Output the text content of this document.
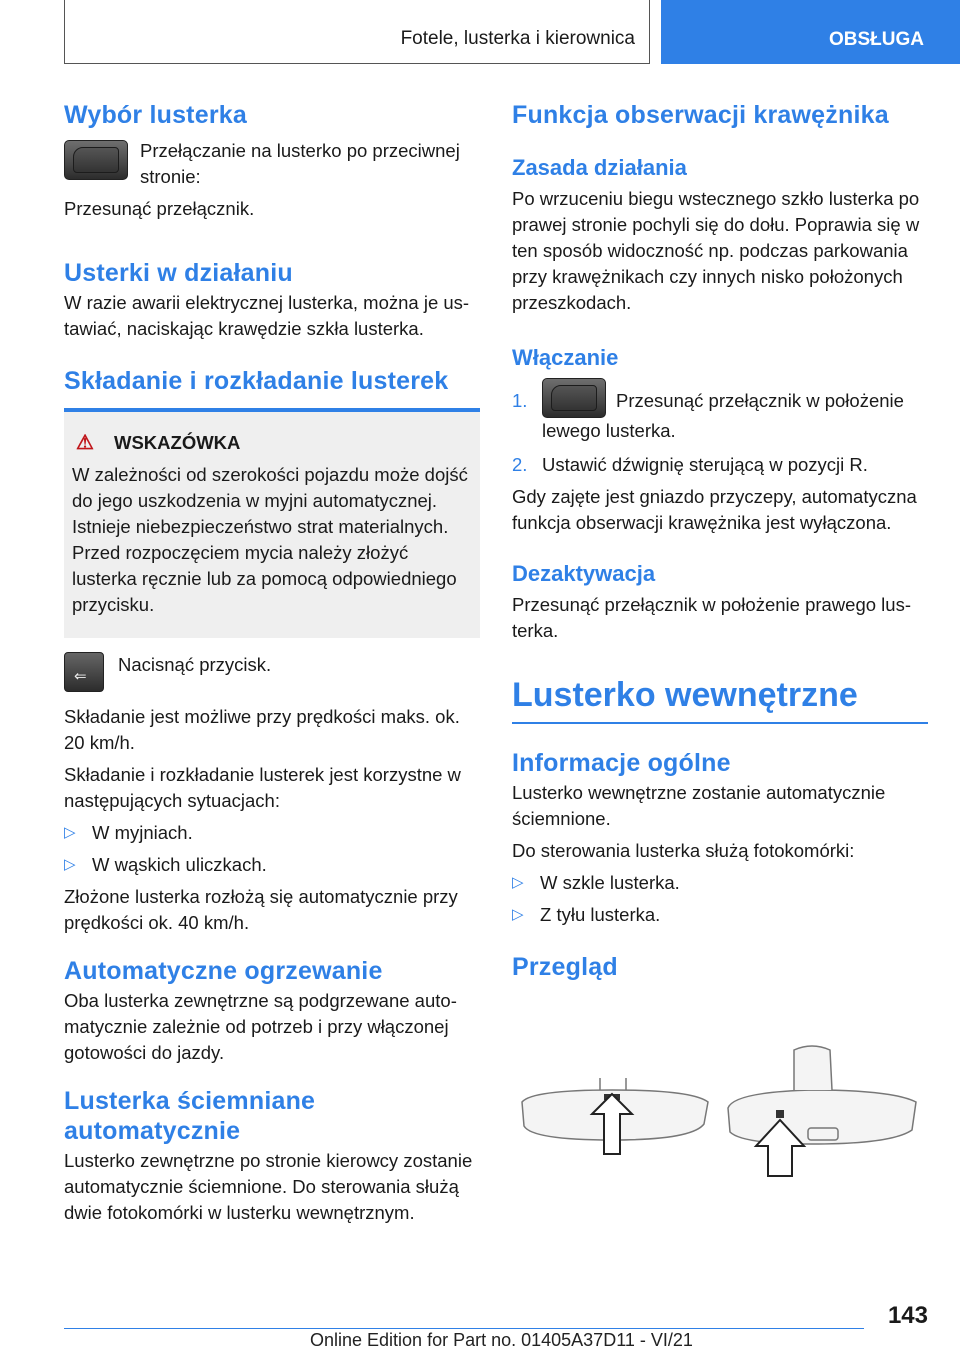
Fotele, lusterka i kierownica	OBSŁUGA
Wybór lusterka

Przełączanie na lusterko po przeciwnej stronie:

Przesunąć przełącznik.

Usterki w działaniu

W razie awarii elektrycznej lusterka, można je ustawiać, naciskając krawędzie szkła lusterka.

Składanie i rozkładanie lusterek
⚠ WSKAZÓWKA

W zależności od szerokości pojazdu może dojść do jego uszkodzenia w myjni automatycznej. Istnieje niebezpieczeństwo strat materialnych. Przed rozpoczęciem mycia należy złożyć lusterka ręcznie lub za pomocą odpowiedniego przycisku.

⇐

Nacisnąć przycisk.

Składanie jest możliwe przy prędkości maks. ok. 20 km/h.

Składanie i rozkładanie lusterek jest korzystne w następujących sytuacjach:

▷ W myjniach.
▷ W wąskich uliczkach.

Złożone lusterka rozłożą się automatycznie przy prędkości ok. 40 km/h.

Automatyczne ogrzewanie

Oba lusterka zewnętrzne są podgrzewane automatycznie zależnie od potrzeb i przy włączonej gotowości do jazdy.

Lusterka ściemniane
automatycznie

Lusterko zewnętrzne po stronie kierowcy zostanie automatycznie ściemnione. Do sterowania służą dwie fotokomórki w lusterku wewnętrznym.

Funkcja obserwacji krawężnika
Zasada działania

Po wrzuceniu biegu wstecznego szkło lusterka po prawej stronie pochyli się do dołu. Poprawia się w ten sposób widoczność np. podczas parkowania przy krawężnikach czy innych nisko położonych przeszkodach.

Włączanie
1.	Przesunąć przełącznik w położenie
lewego lusterka.
2. Ustawić dźwignię sterującą w pozycji R.

Gdy zajęte jest gniazdo przyczepy, automatyczna funkcja obserwacji krawężnika jest wyłączona.

Dezaktywacja

Przesunąć przełącznik w położenie prawego lusterka.

Lusterko wewnętrzne
Informacje ogólne

Lusterko wewnętrzne zostanie automatycznie ściemnione.

Do sterowania lusterka służą fotokomórki:

▷ W szkle lusterka.
▷ Z tyłu lusterka.
Przegląd
143
Online Edition for Part no. 01405A37D11 - VI/21
